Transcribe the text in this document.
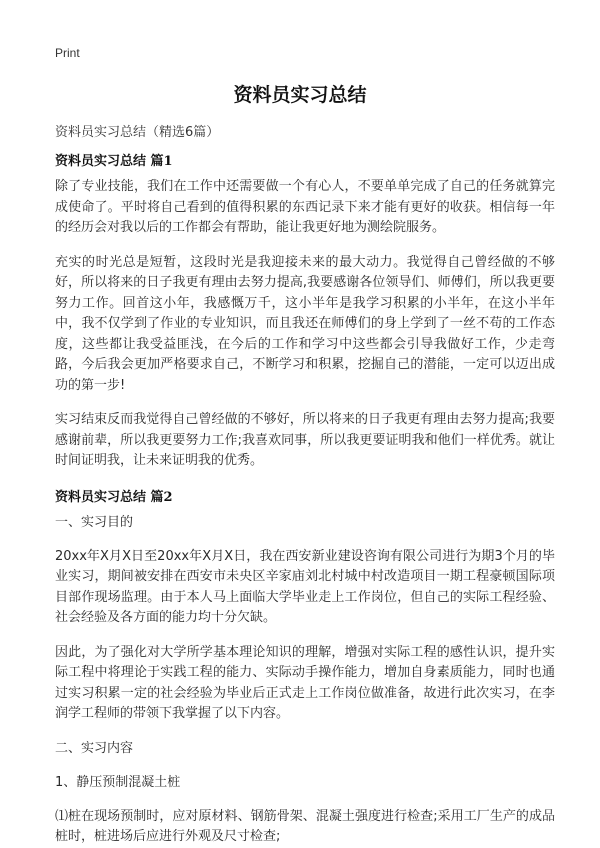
Print
资料员实习总结
资料员实习总结（精选6篇）
资料员实习总结 篇1

除了专业技能，我们在工作中还需要做一个有心人，不要单单完成了自己的任务就算完成使命了。平时将自己看到的值得积累的东西记录下来才能有更好的收获。相信每一年的经历会对我以后的工作都会有帮助，能让我更好地为测绘院服务。

充实的时光总是短暂，这段时光是我迎接未来的最大动力。我觉得自己曾经做的不够好，所以将来的日子我更有理由去努力提高,我要感谢各位领导们、师傅们，所以我更要努力工作。回首这小年，我感慨万千，这小半年是我学习积累的小半年，在这小半年中，我不仅学到了作业的专业知识，而且我还在师傅们的身上学到了一丝不苟的工作态度，这些都让我受益匪浅，在今后的工作和学习中这些都会引导我做好工作，少走弯路，今后我会更加严格要求自己，不断学习和积累，挖掘自己的潜能，一定可以迈出成功的第一步!

实习结束反而我觉得自己曾经做的不够好，所以将来的日子我更有理由去努力提高;我要感谢前辈，所以我更要努力工作;我喜欢同事，所以我更要证明我和他们一样优秀。就让时间证明我，让未来证明我的优秀。

资料员实习总结 篇2

一、实习目的

20xx年X月X日至20xx年X月X日，我在西安新业建设咨询有限公司进行为期3个月的毕业实习，期间被安排在西安市未央区辛家庙刘北村城中村改造项目一期工程豪顿国际项目部作现场监理。由于本人马上面临大学毕业走上工作岗位，但自己的实际工程经验、社会经验及各方面的能力均十分欠缺。

因此，为了强化对大学所学基本理论知识的理解，增强对实际工程的感性认识，提升实际工程中将理论于实践工程的能力、实际动手操作能力，增加自身素质能力，同时也通过实习积累一定的社会经验为毕业后正式走上工作岗位做准备，故进行此次实习，在李润学工程师的带领下我掌握了以下内容。

二、实习内容

1、静压预制混凝土桩

⑴桩在现场预制时，应对原材料、钢筋骨架、混凝土强度进行检查;采用工厂生产的成品桩时，桩进场后应进行外观及尺寸检查;
